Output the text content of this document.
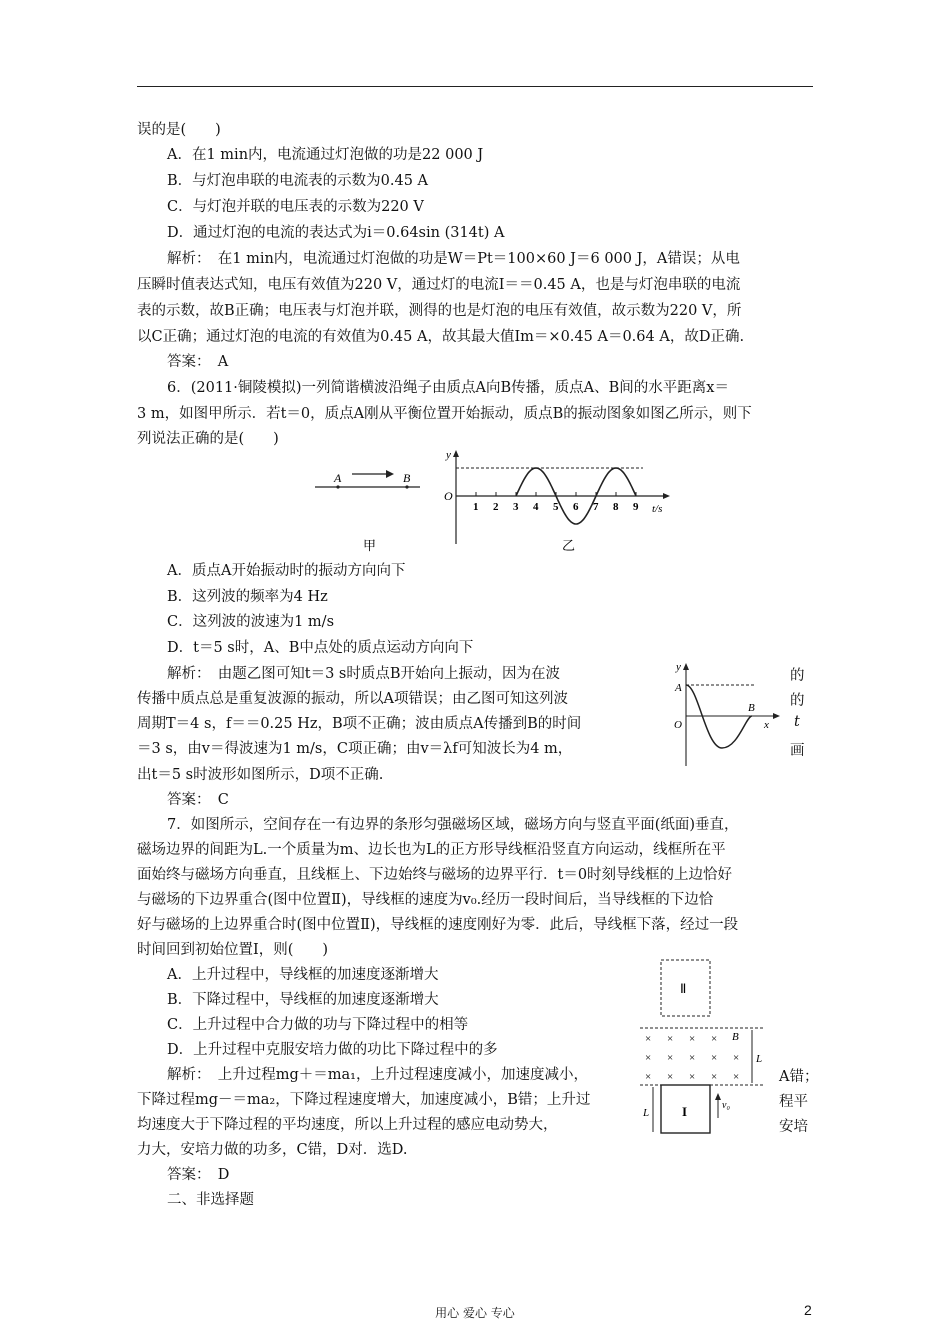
误的是(　　)
A．在1 min内，电流通过灯泡做的功是22 000 J
B．与灯泡串联的电流表的示数为0.45 A
C．与灯泡并联的电压表的示数为220 V
D．通过灯泡的电流的表达式为i＝0.64sin (314t) A
解析：　在1 min内，电流通过灯泡做的功是W＝Pt＝100×60 J＝6 000 J，A错误；从电
压瞬时值表达式知，电压有效值为220 V，通过灯的电流I＝＝0.45 A，也是与灯泡串联的电流
表的示数，故B正确；电压表与灯泡并联，测得的也是灯泡的电压有效值，故示数为220 V，所
以C正确；通过灯泡的电流的有效值为0.45 A，故其最大值Im＝×0.45 A＝0.64 A，故D正确.
答案：　A
6．(2011·铜陵模拟)一列简谐横波沿绳子由质点A向B传播，质点A、B间的水平距离x＝
3 m，如图甲所示．若t＝0，质点A刚从平衡位置开始振动，质点B的振动图象如图乙所示，则下
列说法正确的是(　　)
A．质点A开始振动时的振动方向向下
B．这列波的频率为4 Hz
C．这列波的波速为1 m/s
D．t＝5 s时，A、B中点处的质点运动方向向下
解析：　由题乙图可知t＝3 s时质点B开始向上振动，因为在波
传播中质点总是重复波源的振动，所以A项错误；由乙图可知这列波
周期T＝4 s，f＝＝0.25 Hz，B项不正确；波由质点A传播到B的时间
＝3 s，由v＝得波速为1 m/s，C项正确；由v＝λf可知波长为4 m，
出t＝5 s时波形如图所示，D项不正确.
答案：　C
7．如图所示，空间存在一有边界的条形匀强磁场区域，磁场方向与竖直平面(纸面)垂直，
磁场边界的间距为L.一个质量为m、边长也为L的正方形导线框沿竖直方向运动，线框所在平
面始终与磁场方向垂直，且线框上、下边始终与磁场的边界平行．t＝0时刻导线框的上边恰好
与磁场的下边界重合(图中位置Ⅱ)，导线框的速度为v₀.经历一段时间后，当导线框的下边恰
好与磁场的上边界重合时(图中位置Ⅱ)，导线框的速度刚好为零．此后，导线框下落，经过一段
时间回到初始位置Ⅰ，则(　　)
A．上升过程中，导线框的加速度逐渐增大
B．下降过程中，导线框的加速度逐渐增大
C．上升过程中合力做的功与下降过程中的相等
D．上升过程中克服安培力做的功比下降过程中的多
解析：　上升过程mg＋＝ma₁，上升过程速度减小，加速度减小，
下降过程mg－＝ma₂，下降过程速度增大，加速度减小，B错；上升过
均速度大于下降过程的平均速度，所以上升过程的感应电动势大，
力大，安培力做的功多，C错，D对．选D.
答案：　D
二、非选择题
的
的
t
画
A错；
程平
安培
A	B
甲
1 2 3 4 5 6 7 8 9
y
O
t/s
乙
y
A
O
B
x
Ⅱ
× × × ×
× × × × ×
× × × × ×
B
L
I
L
v₀
用心 爱心 专心	2
